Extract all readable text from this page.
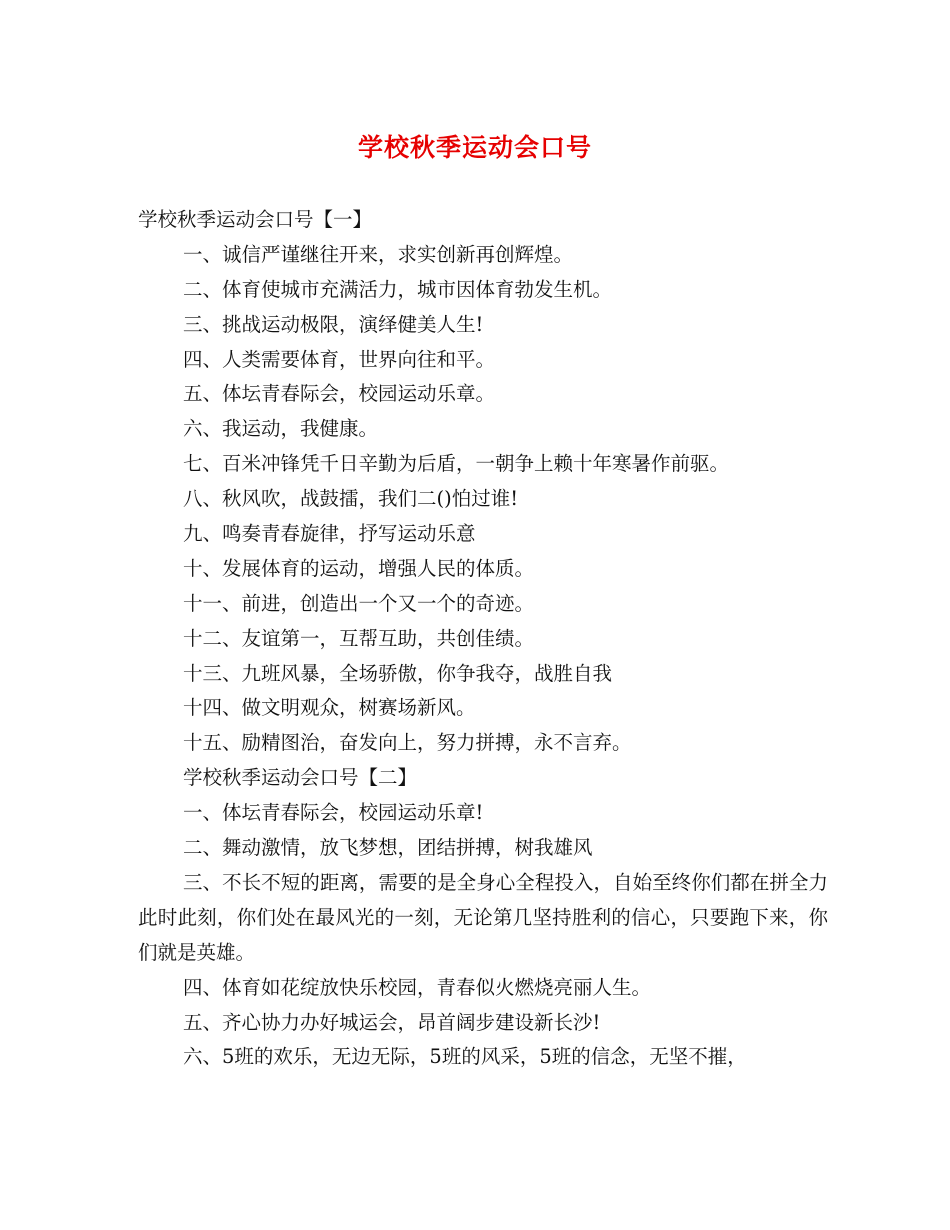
学校秋季运动会口号

学校秋季运动会口号【一】

一、诚信严谨继往开来，求实创新再创辉煌。

二、体育使城市充满活力，城市因体育勃发生机。

三、挑战运动极限，演绎健美人生!

四、人类需要体育，世界向往和平。

五、体坛青春际会，校园运动乐章。

六、我运动，我健康。

七、百米冲锋凭千日辛勤为后盾，一朝争上赖十年寒暑作前驱。

八、秋风吹，战鼓擂，我们二()怕过谁!

九、鸣奏青春旋律，抒写运动乐意

十、发展体育的运动，增强人民的体质。

十一、前进，创造出一个又一个的奇迹。

十二、友谊第一，互帮互助，共创佳绩。

十三、九班风暴，全场骄傲，你争我夺，战胜自我

十四、做文明观众，树赛场新风。

十五、励精图治，奋发向上，努力拼搏，永不言弃。

学校秋季运动会口号【二】

一、体坛青春际会，校园运动乐章!

二、舞动激情，放飞梦想，团结拼搏，树我雄风

三、不长不短的距离，需要的是全身心全程投入，自始至终你们都在拼全力此时此刻，你们处在最风光的一刻，无论第几坚持胜利的信心，只要跑下来，你们就是英雄。

四、体育如花绽放快乐校园，青春似火燃烧亮丽人生。

五、齐心协力办好城运会，昂首阔步建设新长沙!

六、5班的欢乐，无边无际，5班的风采，5班的信念，无坚不摧，
